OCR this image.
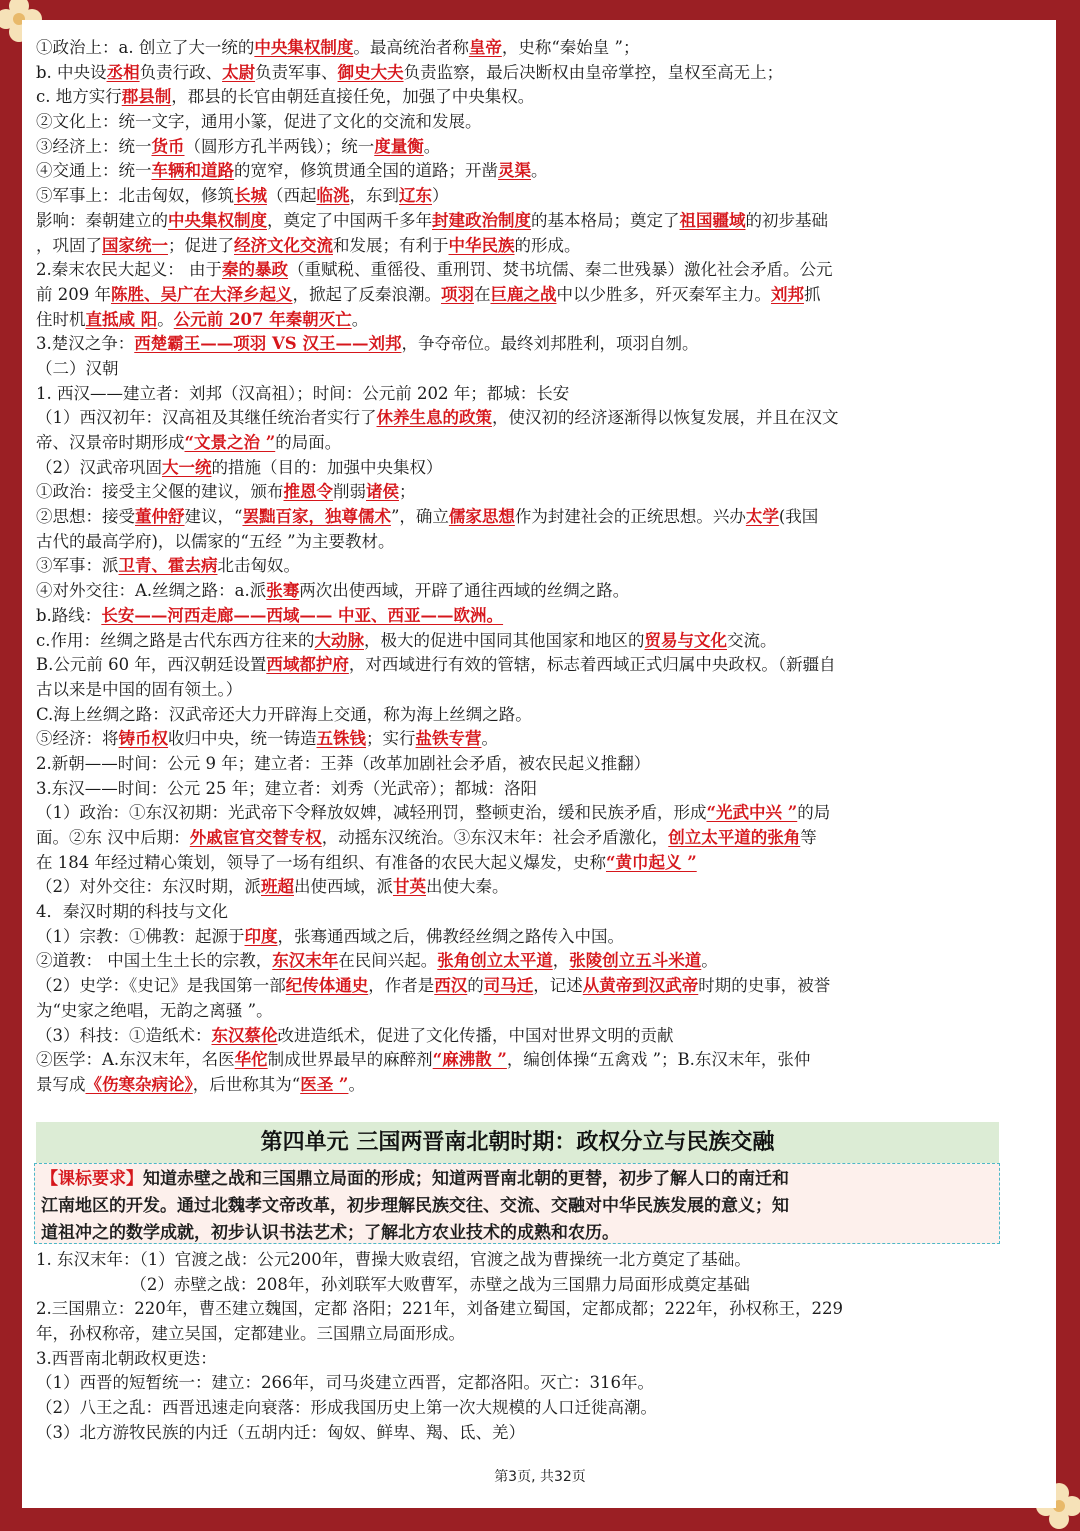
①政治上：a. 创立了大一统的中央集权制度。最高统治者称皇帝，史称“秦始皇 ”；
b. 中央设丞相负责行政、太尉负责军事、御史大夫负责监察，最后决断权由皇帝掌控，皇权至高无上；
c. 地方实行郡县制，郡县的长官由朝廷直接任免，加强了中央集权。
②文化上：统一文字，通用小篆，促进了文化的交流和发展。
③经济上：统一货币（圆形方孔半两钱）；统一度量衡。
④交通上：统一车辆和道路的宽窄，修筑贯通全国的道路；开凿灵渠。
⑤军事上：北击匈奴，修筑长城（西起临洮，东到辽东）
影响：秦朝建立的中央集权制度，奠定了中国两千多年封建政治制度的基本格局；奠定了祖国疆域的初步基础
，巩固了国家统一；促进了经济文化交流和发展；有利于中华民族的形成。
2.秦末农民大起义： 由于秦的暴政（重赋税、重徭役、重刑罚、焚书坑儒、秦二世残暴）激化社会矛盾。公元
前 209 年陈胜、吴广在大泽乡起义，掀起了反秦浪潮。项羽在巨鹿之战中以少胜多，歼灭秦军主力。刘邦抓
住时机直抵咸 阳。公元前 207 年秦朝灭亡。
3.楚汉之争：西楚霸王——项羽 VS 汉王——刘邦，争夺帝位。最终刘邦胜利，项羽自刎。
（二）汉朝
1. 西汉——建立者：刘邦（汉高祖）；时间：公元前 202 年；都城：长安
（1）西汉初年：汉高祖及其继任统治者实行了休养生息的政策，使汉初的经济逐渐得以恢复发展，并且在汉文
帝、汉景帝时期形成“文景之治 ”的局面。
（2）汉武帝巩固大一统的措施（目的：加强中央集权）
①政治：接受主父偃的建议，颁布推恩令削弱诸侯；
②思想：接受董仲舒建议，“罢黜百家，独尊儒术”，确立儒家思想作为封建社会的正统思想。兴办太学(我国
古代的最高学府)，以儒家的“五经 ”为主要教材。
③军事：派卫青、霍去病北击匈奴。
④对外交往：A.丝绸之路：a.派张骞两次出使西域，开辟了通往西域的丝绸之路。
b.路线：长安——河西走廊——西域—— 中亚、西亚——欧洲。
c.作用：丝绸之路是古代东西方往来的大动脉，极大的促进中国同其他国家和地区的贸易与文化交流。
B.公元前 60 年，西汉朝廷设置西域都护府，对西域进行有效的管辖，标志着西域正式归属中央政权。（新疆自
古以来是中国的固有领土。）
C.海上丝绸之路：汉武帝还大力开辟海上交通，称为海上丝绸之路。
⑤经济：将铸币权收归中央，统一铸造五铢钱；实行盐铁专营。
2.新朝——时间：公元 9 年；建立者：王莽（改革加剧社会矛盾，被农民起义推翻）
3.东汉——时间：公元 25 年；建立者：刘秀（光武帝）；都城：洛阳
（1）政治：①东汉初期：光武帝下令释放奴婢，减轻刑罚，整顿吏治，缓和民族矛盾，形成“光武中兴 ”的局
面。②东 汉中后期：外戚宦官交替专权，动摇东汉统治。③东汉末年：社会矛盾激化，创立太平道的张角等
在 184 年经过精心策划，领导了一场有组织、有准备的农民大起义爆发，史称“黄巾起义 ”
（2）对外交往：东汉时期，派班超出使西域，派甘英出使大秦。
4．秦汉时期的科技与文化
（1）宗教：①佛教：起源于印度，张骞通西域之后，佛教经丝绸之路传入中国。
②道教： 中国土生土长的宗教，东汉末年在民间兴起。张角创立太平道，张陵创立五斗米道。
（2）史学：《史记》是我国第一部纪传体通史，作者是西汉的司马迁，记述从黄帝到汉武帝时期的史事，被誉
为“史家之绝唱，无韵之离骚 ”。
（3）科技：①造纸术：东汉蔡伦改进造纸术，促进了文化传播，中国对世界文明的贡献
②医学：A.东汉末年，名医华佗制成世界最早的麻醉剂“麻沸散 ”，编创体操“五禽戏 ”；B.东汉末年，张仲
景写成《伤寒杂病论》，后世称其为“医圣 ”。
第四单元 三国两晋南北朝时期：政权分立与民族交融
【课标要求】知道赤壁之战和三国鼎立局面的形成；知道两晋南北朝的更替，初步了解人口的南迁和
江南地区的开发。通过北魏孝文帝改革，初步理解民族交往、交流、交融对中华民族发展的意义；知
道祖冲之的数学成就，初步认识书法艺术；了解北方农业技术的成熟和农历。
1. 东汉末年：（1）官渡之战：公元200年，曹操大败袁绍，官渡之战为曹操统一北方奠定了基础。
（2）赤壁之战：208年，孙刘联军大败曹军，赤壁之战为三国鼎力局面形成奠定基础
2.三国鼎立：220年，曹丕建立魏国，定都 洛阳；221年，刘备建立蜀国，定都成都；222年，孙权称王，229
年，孙权称帝，建立吴国，定都建业。三国鼎立局面形成。
3.西晋南北朝政权更迭：
（1）西晋的短暂统一：建立：266年，司马炎建立西晋，定都洛阳。灭亡：316年。
（2）八王之乱：西晋迅速走向衰落：形成我国历史上第一次大规模的人口迁徙高潮。
（3）北方游牧民族的内迁（五胡内迁：匈奴、鲜卑、羯、氐、羌）
第3页, 共32页
